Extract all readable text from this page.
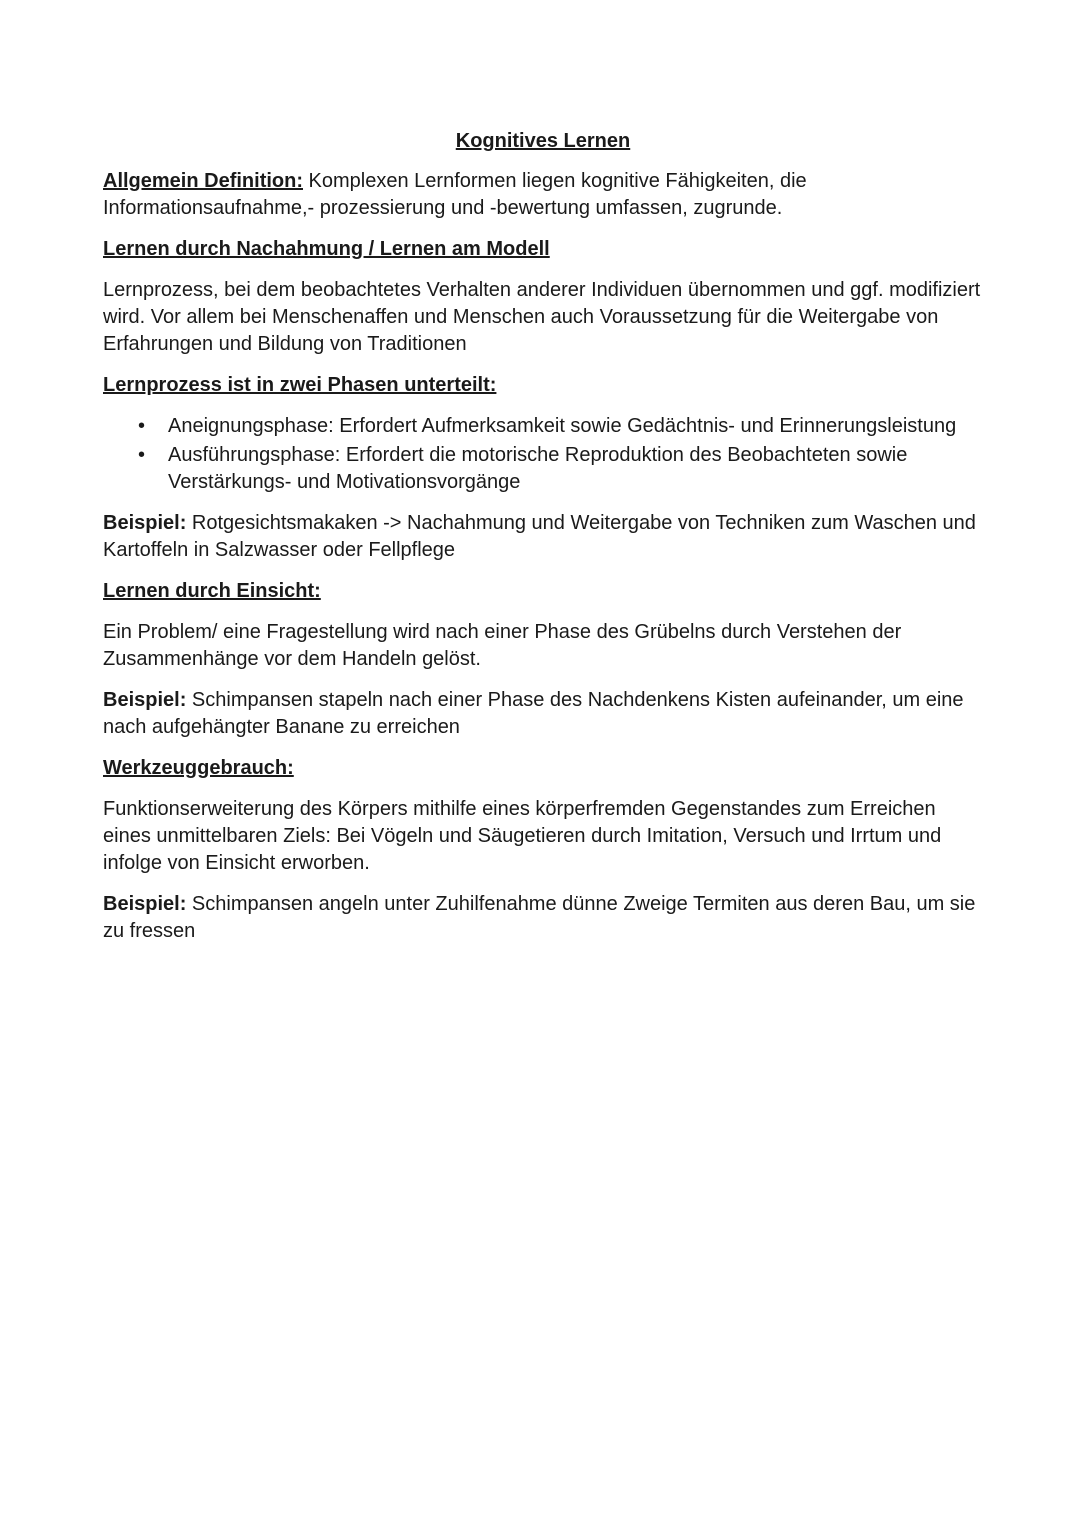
Kognitives Lernen

Allgemein Definition: Komplexen Lernformen liegen kognitive Fähigkeiten, die Informationsaufnahme,- prozessierung und -bewertung umfassen, zugrunde.

Lernen durch Nachahmung / Lernen am Modell

Lernprozess, bei dem beobachtetes Verhalten anderer Individuen übernommen und ggf. modifiziert wird. Vor allem bei Menschenaffen und Menschen auch Voraussetzung für die Weitergabe von Erfahrungen und Bildung von Traditionen

Lernprozess ist in zwei Phasen unterteilt:
• Aneignungsphase: Erfordert Aufmerksamkeit sowie Gedächtnis- und Erinnerungsleistung
• Ausführungsphase: Erfordert die motorische Reproduktion des Beobachteten sowie Verstärkungs- und Motivationsvorgänge

Beispiel: Rotgesichtsmakaken -> Nachahmung und Weitergabe von Techniken zum Waschen und Kartoffeln in Salzwasser oder Fellpflege

Lernen durch Einsicht:

Ein Problem/ eine Fragestellung wird nach einer Phase des Grübelns durch Verstehen der Zusammenhänge vor dem Handeln gelöst.

Beispiel: Schimpansen stapeln nach einer Phase des Nachdenkens Kisten aufeinander, um eine nach aufgehängter Banane zu erreichen

Werkzeuggebrauch:

Funktionserweiterung des Körpers mithilfe eines körperfremden Gegenstandes zum Erreichen eines unmittelbaren Ziels: Bei Vögeln und Säugetieren durch Imitation, Versuch und Irrtum und infolge von Einsicht erworben.

Beispiel: Schimpansen angeln unter Zuhilfenahme dünne Zweige Termiten aus deren Bau, um sie zu fressen
